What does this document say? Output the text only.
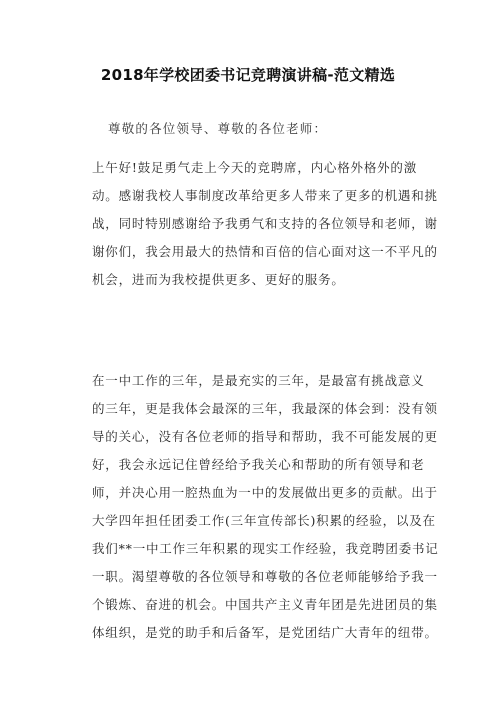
2018年学校团委书记竞聘演讲稿-范文精选
尊敬的各位领导、尊敬的各位老师：
上午好!鼓足勇气走上今天的竞聘席，内心格外格外的激
动。感谢我校人事制度改革给更多人带来了更多的机遇和挑
战，同时特别感谢给予我勇气和支持的各位领导和老师，谢
谢你们，我会用最大的热情和百倍的信心面对这一不平凡的
机会，进而为我校提供更多、更好的服务。
在一中工作的三年，是最充实的三年，是最富有挑战意义
的三年，更是我体会最深的三年，我最深的体会到：没有领
导的关心，没有各位老师的指导和帮助，我不可能发展的更
好，我会永远记住曾经给予我关心和帮助的所有领导和老
师，并决心用一腔热血为一中的发展做出更多的贡献。出于
大学四年担任团委工作(三年宣传部长)积累的经验，以及在
我们**一中工作三年积累的现实工作经验，我竞聘团委书记
一职。渴望尊敬的各位领导和尊敬的各位老师能够给予我一
个锻炼、奋进的机会。中国共产主义青年团是先进团员的集
体组织，是党的助手和后备军，是党团结广大青年的纽带。
